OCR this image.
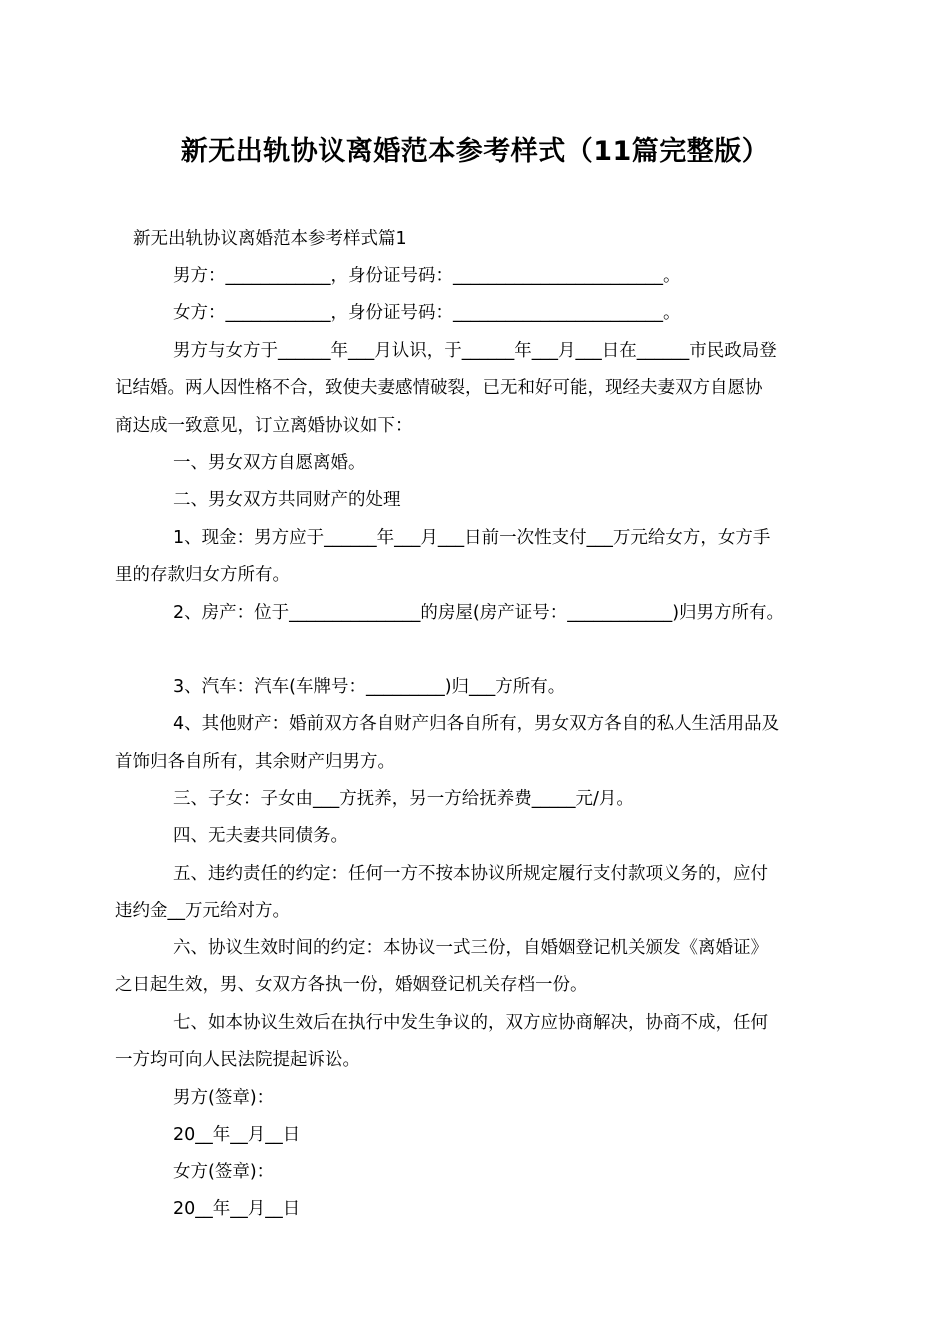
新无出轨协议离婚范本参考样式（11篇完整版）
新无出轨协议离婚范本参考样式篇1
男方：____________，身份证号码：________________________。
女方：____________，身份证号码：________________________。
男方与女方于______年___月认识，于______年___月___日在______市民政局登
记结婚。两人因性格不合，致使夫妻感情破裂，已无和好可能，现经夫妻双方自愿协
商达成一致意见，订立离婚协议如下：
一、男女双方自愿离婚。
二、男女双方共同财产的处理
1、现金：男方应于______年___月___日前一次性支付___万元给女方，女方手
里的存款归女方所有。
2、房产：位于_______________的房屋(房产证号：____________)归男方所有。
3、汽车：汽车(车牌号：_________)归___方所有。
4、其他财产：婚前双方各自财产归各自所有，男女双方各自的私人生活用品及
首饰归各自所有，其余财产归男方。
三、子女：子女由___方抚养，另一方给抚养费_____元/月。
四、无夫妻共同债务。
五、违约责任的约定：任何一方不按本协议所规定履行支付款项义务的，应付
违约金__万元给对方。
六、协议生效时间的约定：本协议一式三份，自婚姻登记机关颁发《离婚证》
之日起生效，男、女双方各执一份，婚姻登记机关存档一份。
七、如本协议生效后在执行中发生争议的，双方应协商解决，协商不成，任何
一方均可向人民法院提起诉讼。
男方(签章)：
20__年__月__日
女方(签章)：
20__年__月__日
